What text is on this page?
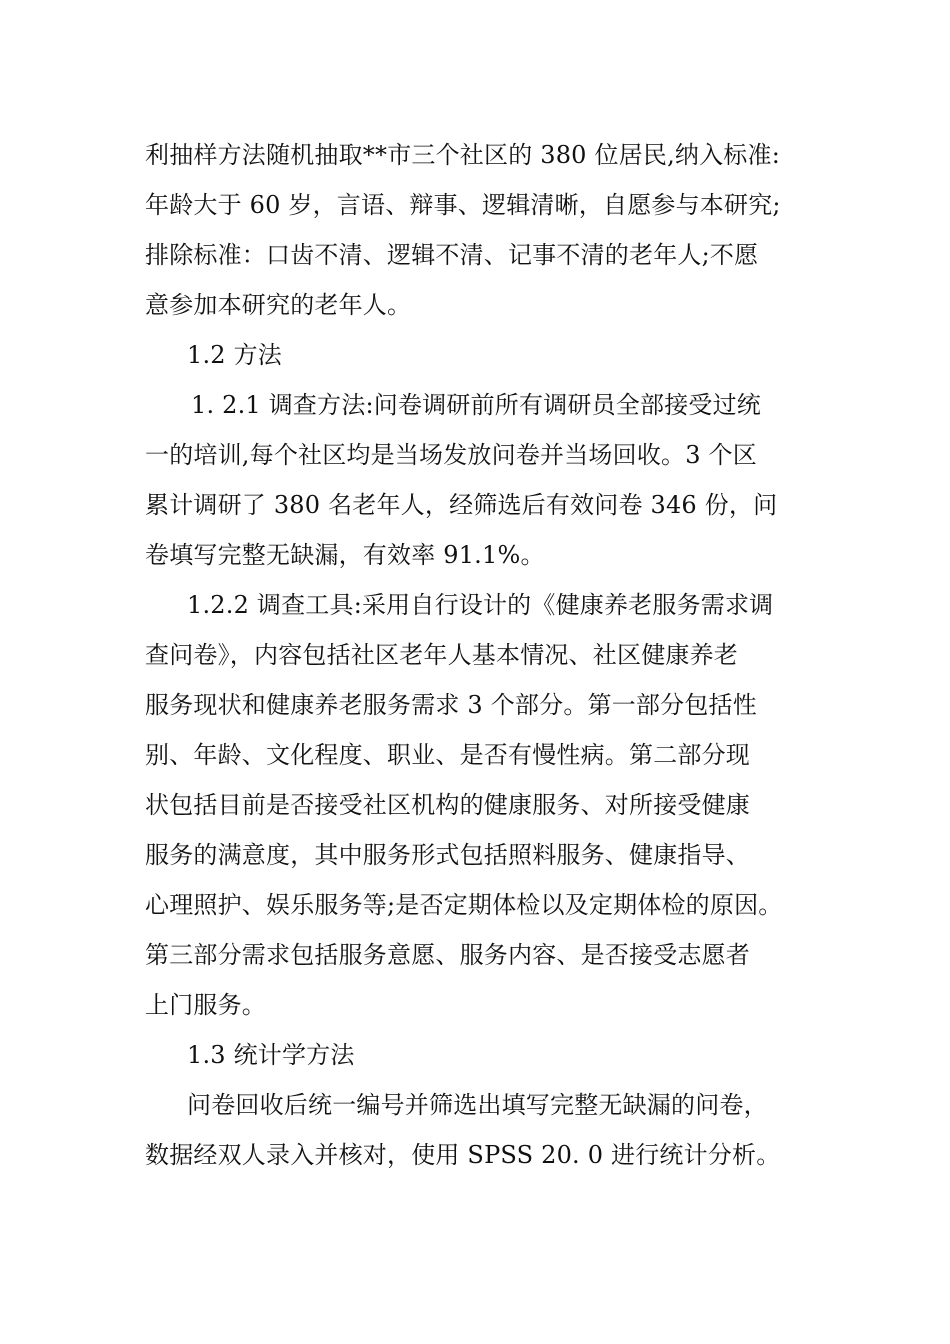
利抽样方法随机抽取**市三个社区的 380 位居民,纳入标准:
年龄大于 60 岁，言语、辩事、逻辑清晰，自愿参与本研究;
排除标准：口齿不清、逻辑不清、记事不清的老年人;不愿
意参加本研究的老年人。
1.2 方法
1. 2.1 调查方法:问卷调研前所有调研员全部接受过统
一的培训,每个社区均是当场发放问卷并当场回收。3 个区
累计调研了 380 名老年人，经筛选后有效问卷 346 份，问
卷填写完整无缺漏，有效率 91.1%。
1.2.2 调查工具:采用自行设计的《健康养老服务需求调
查问卷》，内容包括社区老年人基本情况、社区健康养老
服务现状和健康养老服务需求 3 个部分。第一部分包括性
别、年龄、文化程度、职业、是否有慢性病。第二部分现
状包括目前是否接受社区机构的健康服务、对所接受健康
服务的满意度，其中服务形式包括照料服务、健康指导、
心理照护、娱乐服务等;是否定期体检以及定期体检的原因。
第三部分需求包括服务意愿、服务内容、是否接受志愿者
上门服务。
1.3 统计学方法
问卷回收后统一编号并筛选出填写完整无缺漏的问卷，
数据经双人录入并核对，使用 SPSS 20. 0 进行统计分析。
